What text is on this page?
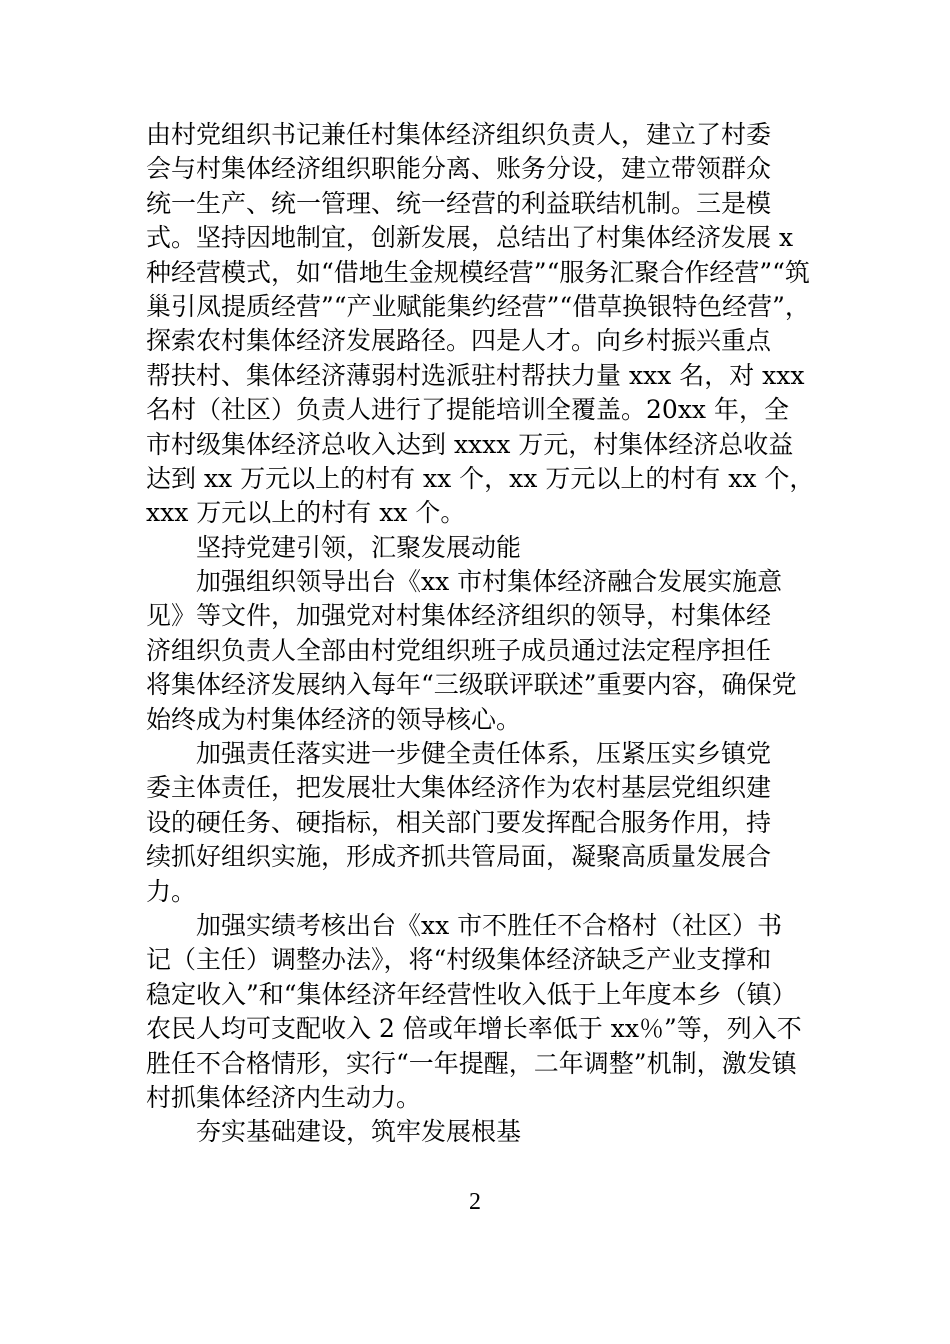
由村党组织书记兼任村集体经济组织负责人，建立了村委
会与村集体经济组织职能分离、账务分设，建立带领群众
统一生产、统一管理、统一经营的利益联结机制。三是模
式。坚持因地制宜，创新发展，总结出了村集体经济发展 x
种经营模式，如“借地生金规模经营”“服务汇聚合作经营”“筑
巢引凤提质经营”“产业赋能集约经营”“借草换银特色经营”，
探索农村集体经济发展路径。四是人才。向乡村振兴重点
帮扶村、集体经济薄弱村选派驻村帮扶力量 xxx 名，对 xxx
名村（社区）负责人进行了提能培训全覆盖。20xx 年，全
市村级集体经济总收入达到 xxxx 万元，村集体经济总收益
达到 xx 万元以上的村有 xx 个，xx 万元以上的村有 xx 个，
xxx 万元以上的村有 xx 个。
坚持党建引领，汇聚发展动能
加强组织领导出台《xx 市村集体经济融合发展实施意
见》等文件，加强党对村集体经济组织的领导，村集体经
济组织负责人全部由村党组织班子成员通过法定程序担任
将集体经济发展纳入每年“三级联评联述”重要内容，确保党
始终成为村集体经济的领导核心。
加强责任落实进一步健全责任体系，压紧压实乡镇党
委主体责任，把发展壮大集体经济作为农村基层党组织建
设的硬任务、硬指标，相关部门要发挥配合服务作用，持
续抓好组织实施，形成齐抓共管局面，凝聚高质量发展合
力。
加强实绩考核出台《xx 市不胜任不合格村（社区）书
记（主任）调整办法》，将“村级集体经济缺乏产业支撑和
稳定收入”和“集体经济年经营性收入低于上年度本乡（镇）
农民人均可支配收入 2 倍或年增长率低于 xx％”等，列入不
胜任不合格情形，实行“一年提醒，二年调整”机制，激发镇
村抓集体经济内生动力。
夯实基础建设，筑牢发展根基
2
